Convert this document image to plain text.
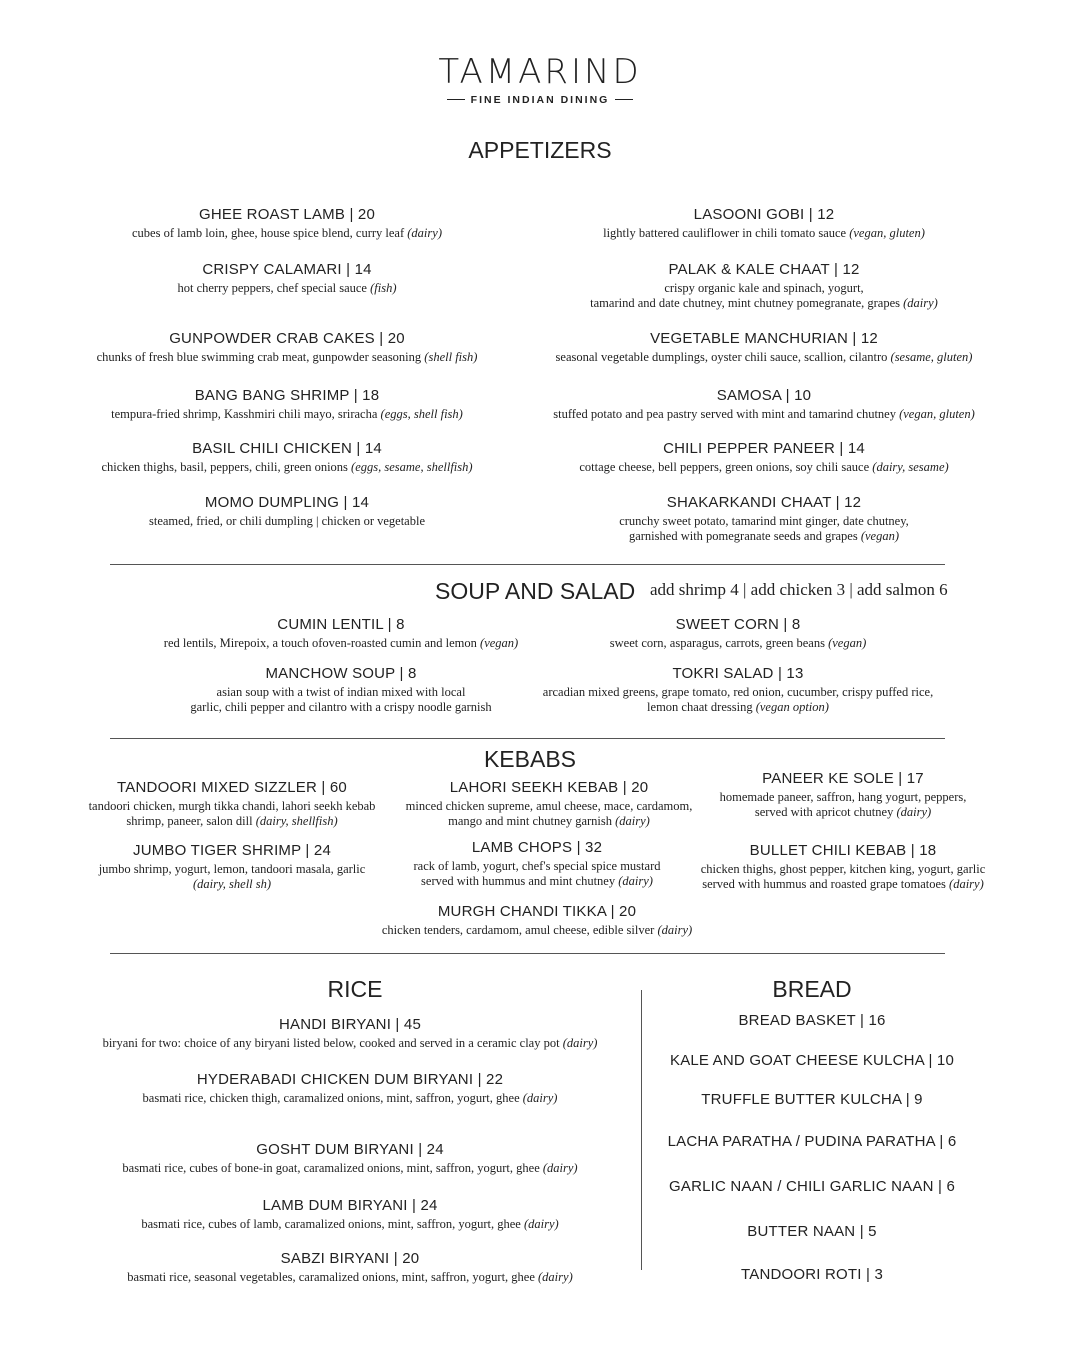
TAMARIND
FINE INDIAN DINING
APPETIZERS
GHEE ROAST LAMB | 20
cubes of lamb loin, ghee, house spice blend, curry leaf (dairy)
CRISPY CALAMARI | 14
hot cherry peppers, chef special sauce (fish)
GUNPOWDER CRAB CAKES | 20
chunks of fresh blue swimming crab meat, gunpowder seasoning (shell fish)
BANG BANG SHRIMP | 18
tempura-fried shrimp, Kasshmiri chili mayo, sriracha (eggs, shell fish)
BASIL CHILI CHICKEN | 14
chicken thighs, basil, peppers, chili, green onions (eggs, sesame, shellfish)
MOMO DUMPLING | 14
steamed, fried, or chili dumpling | chicken or vegetable
LASOONI GOBI | 12
lightly battered cauliflower in chili tomato sauce (vegan, gluten)
PALAK & KALE CHAAT | 12
crispy organic kale and spinach, yogurt,
tamarind and date chutney, mint chutney pomegranate, grapes (dairy)
VEGETABLE MANCHURIAN | 12
seasonal vegetable dumplings, oyster chili sauce, scallion, cilantro (sesame, gluten)
SAMOSA | 10
stuffed potato and pea pastry served with mint and tamarind chutney (vegan, gluten)
CHILI PEPPER PANEER | 14
cottage cheese, bell peppers, green onions, soy chili sauce (dairy, sesame)
SHAKARKANDI CHAAT | 12
crunchy sweet potato, tamarind mint ginger, date chutney,
garnished with pomegranate seeds and grapes (vegan)
SOUP AND SALAD add shrimp 4 | add chicken 3 | add salmon 6
CUMIN LENTIL | 8
red lentils, Mirepoix, a touch ofoven-roasted cumin and lemon (vegan)
SWEET CORN | 8
sweet corn, asparagus, carrots, green beans (vegan)
MANCHOW SOUP | 8
asian soup with a twist of indian mixed with local
garlic, chili pepper and cilantro with a crispy noodle garnish
TOKRI SALAD | 13
arcadian mixed greens, grape tomato, red onion, cucumber, crispy puffed rice,
lemon chaat dressing (vegan option)
KEBABS
TANDOORI MIXED SIZZLER | 60
tandoori chicken, murgh tikka chandi, lahori seekh kebab
shrimp, paneer, salon dill (dairy, shellfish)
LAHORI SEEKH KEBAB | 20
minced chicken supreme, amul cheese, mace, cardamom,
mango and mint chutney garnish (dairy)
PANEER KE SOLE | 17
homemade paneer, saffron, hang yogurt, peppers,
served with apricot chutney (dairy)
JUMBO TIGER SHRIMP | 24
jumbo shrimp, yogurt, lemon, tandoori masala, garlic
(dairy, shell sh)
LAMB CHOPS | 32
rack of lamb, yogurt, chef's special spice mustard
served with hummus and mint chutney (dairy)
BULLET CHILI KEBAB | 18
chicken thighs, ghost pepper, kitchen king, yogurt, garlic
served with hummus and roasted grape tomatoes (dairy)
MURGH CHANDI TIKKA | 20
chicken tenders, cardamom, amul cheese, edible silver (dairy)
RICE
HANDI BIRYANI | 45
biryani for two: choice of any biryani listed below, cooked and served in a ceramic clay pot (dairy)
HYDERABADI CHICKEN DUM BIRYANI | 22
basmati rice, chicken thigh, caramalized onions, mint, saffron, yogurt, ghee (dairy)
GOSHT DUM BIRYANI | 24
basmati rice, cubes of bone-in goat, caramalized onions, mint, saffron, yogurt, ghee (dairy)
LAMB DUM BIRYANI | 24
basmati rice, cubes of lamb, caramalized onions, mint, saffron, yogurt, ghee (dairy)
SABZI BIRYANI | 20
basmati rice, seasonal vegetables, caramalized onions, mint, saffron, yogurt, ghee (dairy)
BREAD
BREAD BASKET | 16
KALE AND GOAT CHEESE KULCHA | 10
TRUFFLE BUTTER KULCHA | 9
LACHA PARATHA / PUDINA PARATHA | 6
GARLIC NAAN / CHILI GARLIC NAAN | 6
BUTTER NAAN | 5
TANDOORI ROTI | 3
